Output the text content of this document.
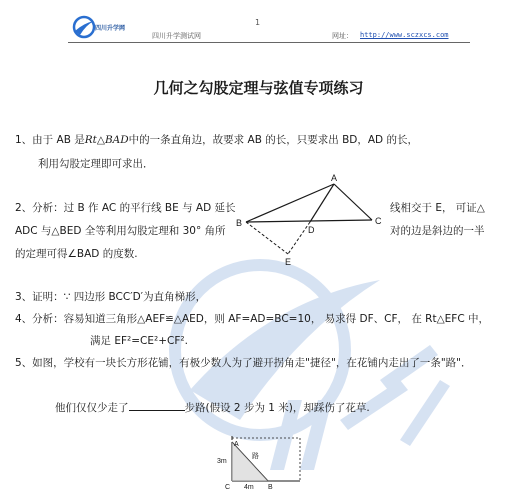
四川升学网
1
四川升学测试网	网址： http://www.sczxcs.com
几何之勾股定理与弦值专项练习
1、由于 AB 是Rt△BAD中的一条直角边，故要求 AB 的长，只要求出 BD，AD 的长，
利用勾股定理即可求出．
2、分析：过 B 作 AC 的平行线 BE 与 AD 延长	线相交于 E， 可证△
ADC 与△BED 全等利用勾股定理和 30° 角所	对的边是斜边的一半
的定理可得∠BAD 的度数.
A
B	C
D
E
3、证明：∵ 四边形 BCC′D′为直角梯形，
4、分析：容易知道三角形△AEF≌△AED，则 AF=AD=BC=10， 易求得 DF、CF， 在 Rt△EFC 中，
满足 EF²=CE²+CF².
5、如图，学校有一块长方形花铺，有极少数人为了避开拐角走"捷径"，在花铺内走出了一条"路"．
他们仅仅少走了	步路(假设 2 步为 1 米)，却踩伤了花草.
A
C	B
路
3m
4m
